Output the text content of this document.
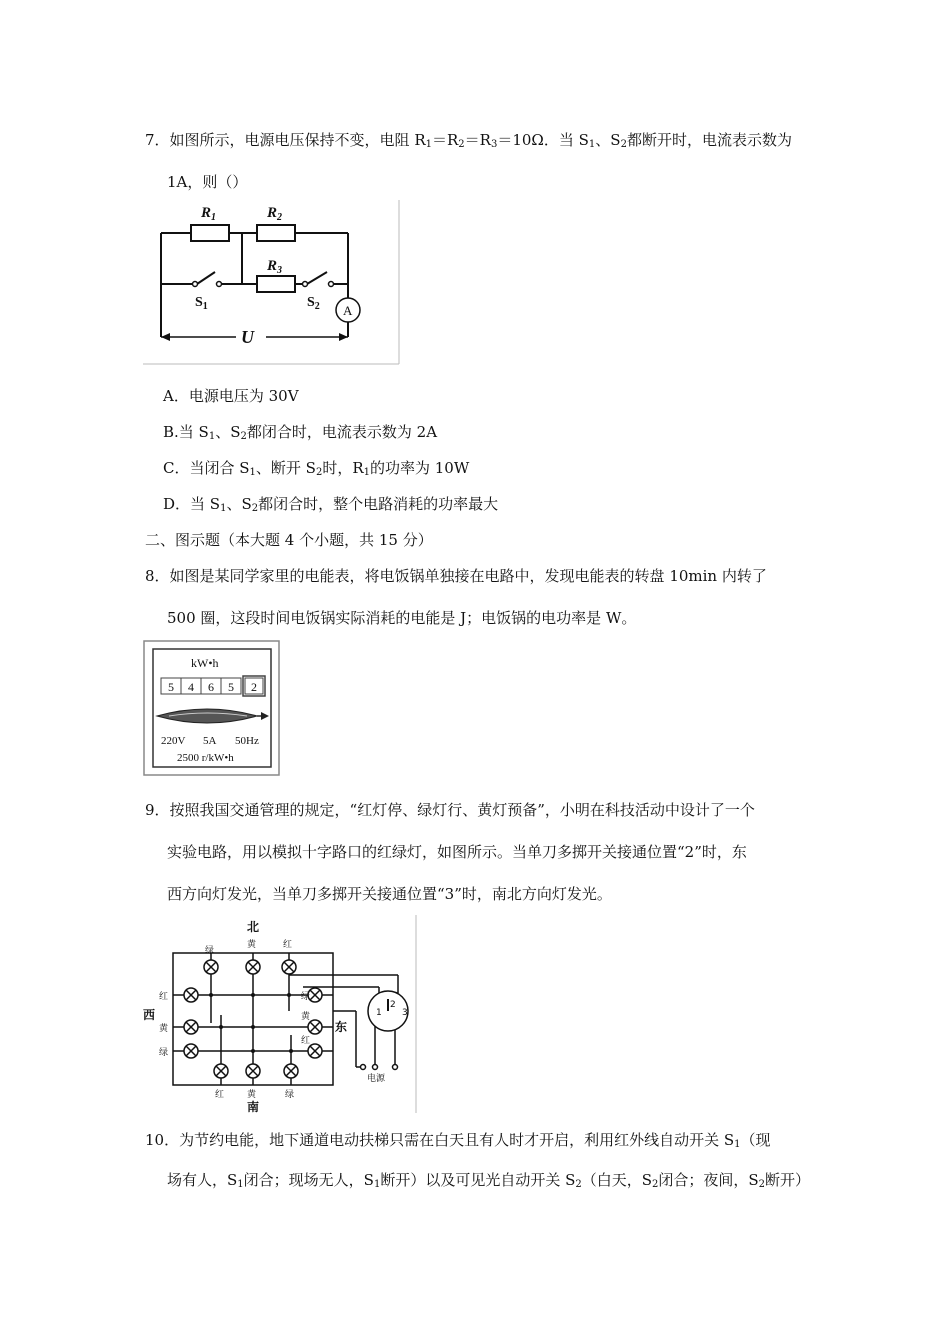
7．如图所示，电源电压保持不变，电阻 $R_1=R_2=R_3=10\Omega$．当 $S_1$、$S_2$都断开时，电流表示数为
1A，则（）
$R_1$	$R_2$
$R_3$
U
$S_1$	$S_2$ A
A．电源电压为 30V
B.当 $S_1$、$S_2$都闭合时，电流表示数为 2A
C．当闭合 $S_1$、断开 $S_2$时，$R_1$的功率为 10W
D．当 $S_1$、$S_2$都闭合时，整个电路消耗的功率最大
二、图示题（本大题 4 个小题，共 15 分）
8．如图是某同学家里的电能表，将电饭锅单独接在电路中，发现电能表的转盘 10min 内转了
500 圈，这段时间电饭锅实际消耗的电能是 J；电饭锅的电功率是 W。
kW•h
5 4 6 5 2
220V 5A 50Hz
2500 r/kW•h
9．按照我国交通管理的规定，“红灯停、绿灯行、黄灯预备”，小明在科技活动中设计了一个
实验电路，用以模拟十字路口的红绿灯，如图所示。当单刀多掷开关接通位置“2”时，东
西方向灯发光，当单刀多掷开关接通位置“3”时，南北方向灯发光。
北
绿
黄	红
西
红
黄
绿
绿
黄
红
东
红	黄	绿
南
1
2
3
电源
10．为节约电能，地下通道电动扶梯只需在白天且有人时才开启，利用红外线自动开关 $S_1$（现
场有人，$S_1$闭合；现场无人，$S_1$断开）以及可见光自动开关 $S_2$（白天，$S_2$闭合；夜间，$S_2$断开）
